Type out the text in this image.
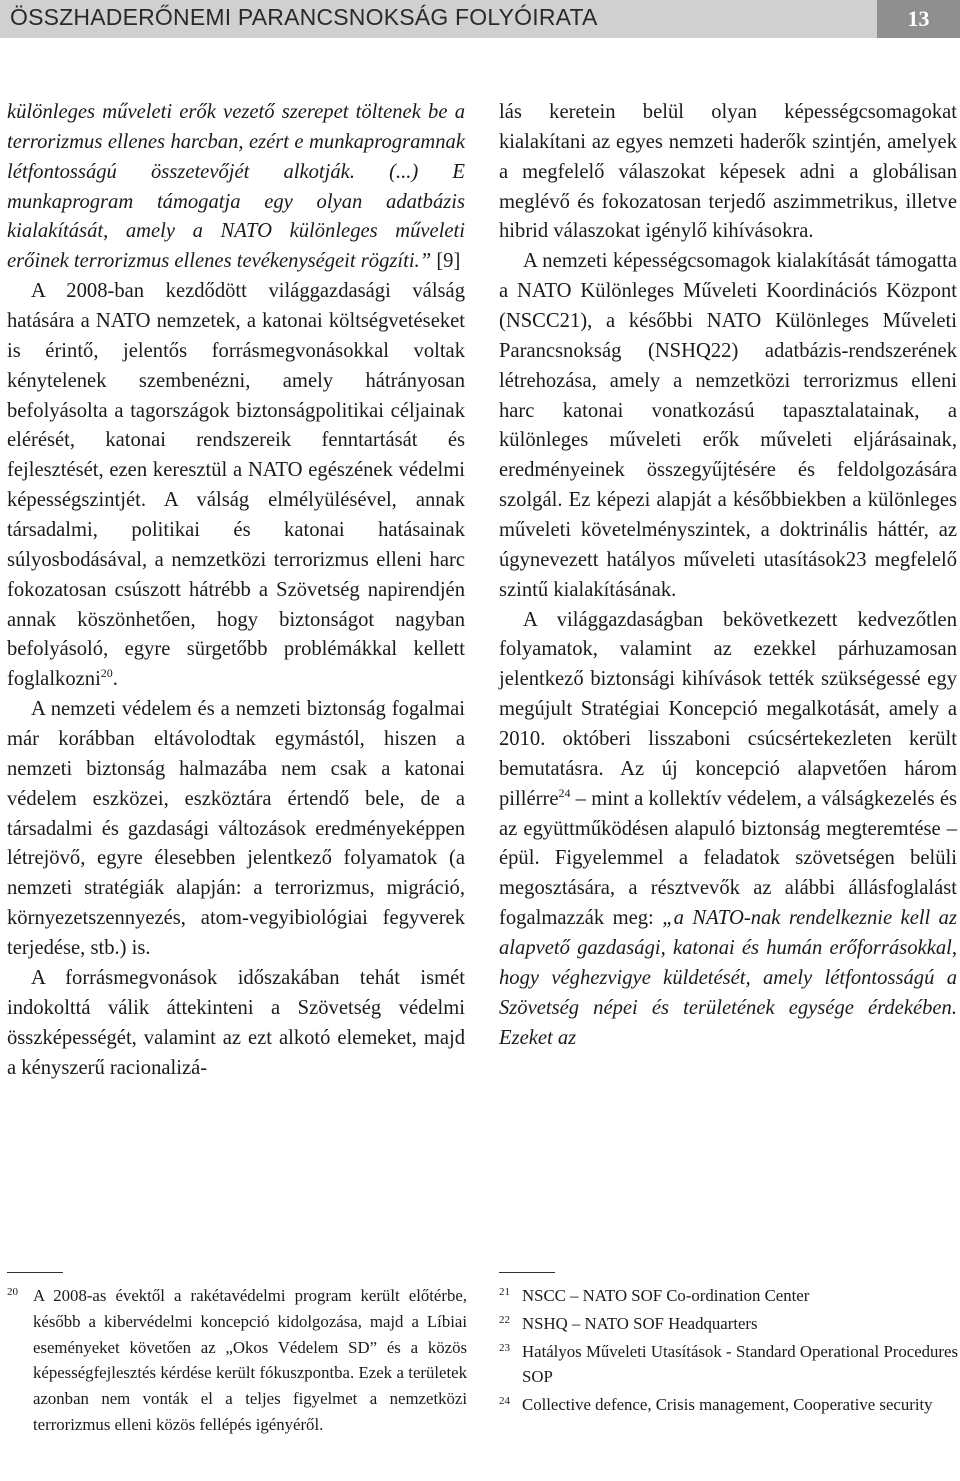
ÖSSZHADERŐNEMI PARANCSNOKSÁG FOLYÓIRATA	13

különleges műveleti erők vezető szerepet töltenek be a terrorizmus ellenes harcban, ezért e munkaprogramnak létfontosságú összetevőjét alkotják. (...) E munkaprogram támogatja egy olyan adatbázis kialakítását, amely a NATO különleges műveleti erőinek terrorizmus ellenes tevékenységeit rögzíti.” [9]

A 2008-ban kezdődött világgazdasági válság hatására a NATO nemzetek, a katonai költségvetéseket is érintő, jelentős forrásmegvonásokkal voltak kénytelenek szembenézni, amely hátrányosan befolyásolta a tagországok biztonságpolitikai céljainak elérését, katonai rendszereik fenntartását és fejlesztését, ezen keresztül a NATO egészének védelmi képességszintjét. A válság elmélyülésével, annak társadalmi, politikai és katonai hatásainak súlyosbodásával, a nemzetközi terrorizmus elleni harc fokozatosan csúszott hátrébb a Szövetség napirendjén annak köszönhetően, hogy biztonságot nagyban befolyásoló, egyre sürgetőbb problémákkal kellett foglalkozni$^{20}$.

A nemzeti védelem és a nemzeti biztonság fogalmai már korábban eltávolodtak egymástól, hiszen a nemzeti biztonság halmazába nem csak a katonai védelem eszközei, eszköztára értendő bele, de a társadalmi és gazdasági változások eredményeképpen létrejövő, egyre élesebben jelentkező folyamatok (a nemzeti stratégiák alapján: a terrorizmus, migráció, környezetszennyezés, atom-vegyibiológiai fegyverek terjedése, stb.) is.

A forrásmegvonások időszakában tehát ismét indokolttá válik áttekinteni a Szövetség védelmi összképességét, valamint az ezt alkotó elemeket, majd a kényszerű racionalizá-

lás keretein belül olyan képességcsomagokat kialakítani az egyes nemzeti haderők szintjén, amelyek a megfelelő válaszokat képesek adni a globálisan meglévő és fokozatosan terjedő aszimmetrikus, illetve hibrid válaszokat igénylő kihívásokra.

A nemzeti képességcsomagok kialakítását támogatta a NATO Különleges Műveleti Koordinációs Központ (NSCC21), a későbbi NATO Különleges Műveleti Parancsnokság (NSHQ22) adatbázis-rendszerének létrehozása, amely a nemzetközi terrorizmus elleni harc katonai vonatkozású tapasztalatainak, a különleges műveleti erők műveleti eljárásainak, eredményeinek összegyűjtésére és feldolgozására szolgál. Ez képezi alapját a későbbiekben a különleges műveleti követelményszintek, a doktrinális háttér, az úgynevezett hatályos műveleti utasítások23 megfelelő szintű kialakításának.

A világgazdaságban bekövetkezett kedvezőtlen folyamatok, valamint az ezekkel párhuzamosan jelentkező biztonsági kihívások tették szükségessé egy megújult Stratégiai Koncepció megalkotását, amely a 2010. októberi lisszaboni csúcsértekezleten került bemutatásra. Az új koncepció alapvetően három pillérre$^{24}$ – mint a kollektív védelem, a válságkezelés és az együttműködésen alapuló biztonság megteremtése – épül. Figyelemmel a feladatok szövetségen belüli megosztására, a résztvevők az alábbi állásfoglalást fogalmazzák meg: „a NATO-nak rendelkeznie kell az alapvető gazdasági, katonai és humán erőforrásokkal, hogy véghezvigye küldetését, amely létfontosságú a Szövetség népei és területének egysége érdekében. Ezeket az

20 A 2008-as évektől a rakétavédelmi program került előtérbe, később a kibervédelmi koncepció kidolgozása, majd a Líbiai eseményeket követően az „Okos Védelem SD” és a közös képességfejlesztés kérdése került fókuszpontba. Ezek a területek azonban nem vonták el a teljes figyelmet a nemzetközi terrorizmus elleni közös fellépés igényéről.
21 NSCC – NATO SOF Co-ordination Center
22 NSHQ – NATO SOF Headquarters
23 Hatályos Műveleti Utasítások - Standard Operational Procedures SOP
24 Collective defence, Crisis management, Cooperative security
